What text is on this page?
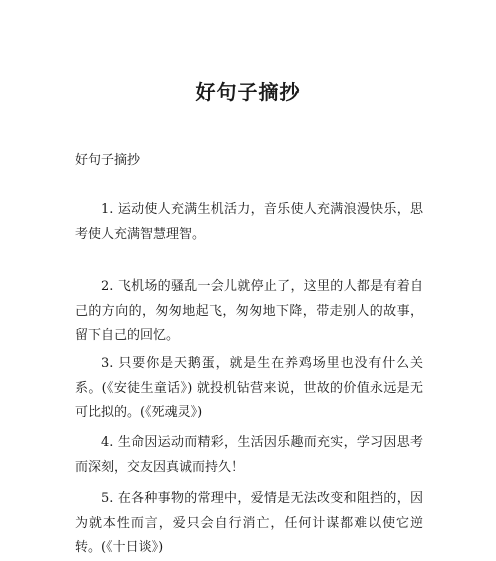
好句子摘抄
好句子摘抄

1. 运动使人充满生机活力，音乐使人充满浪漫快乐，思考使人充满智慧理智。

2. 飞机场的骚乱一会儿就停止了，这里的人都是有着自己的方向的，匆匆地起飞，匆匆地下降，带走别人的故事，留下自己的回忆。

3. 只要你是天鹅蛋，就是生在养鸡场里也没有什么关系。(《安徒生童话》) 就投机钻营来说，世故的价值永远是无可比拟的。(《死魂灵》)

4. 生命因运动而精彩，生活因乐趣而充实，学习因思考而深刻，交友因真诚而持久！

5. 在各种事物的常理中，爱情是无法改变和阻挡的，因为就本性而言，爱只会自行消亡，任何计谋都难以使它逆转。(《十日谈》)
